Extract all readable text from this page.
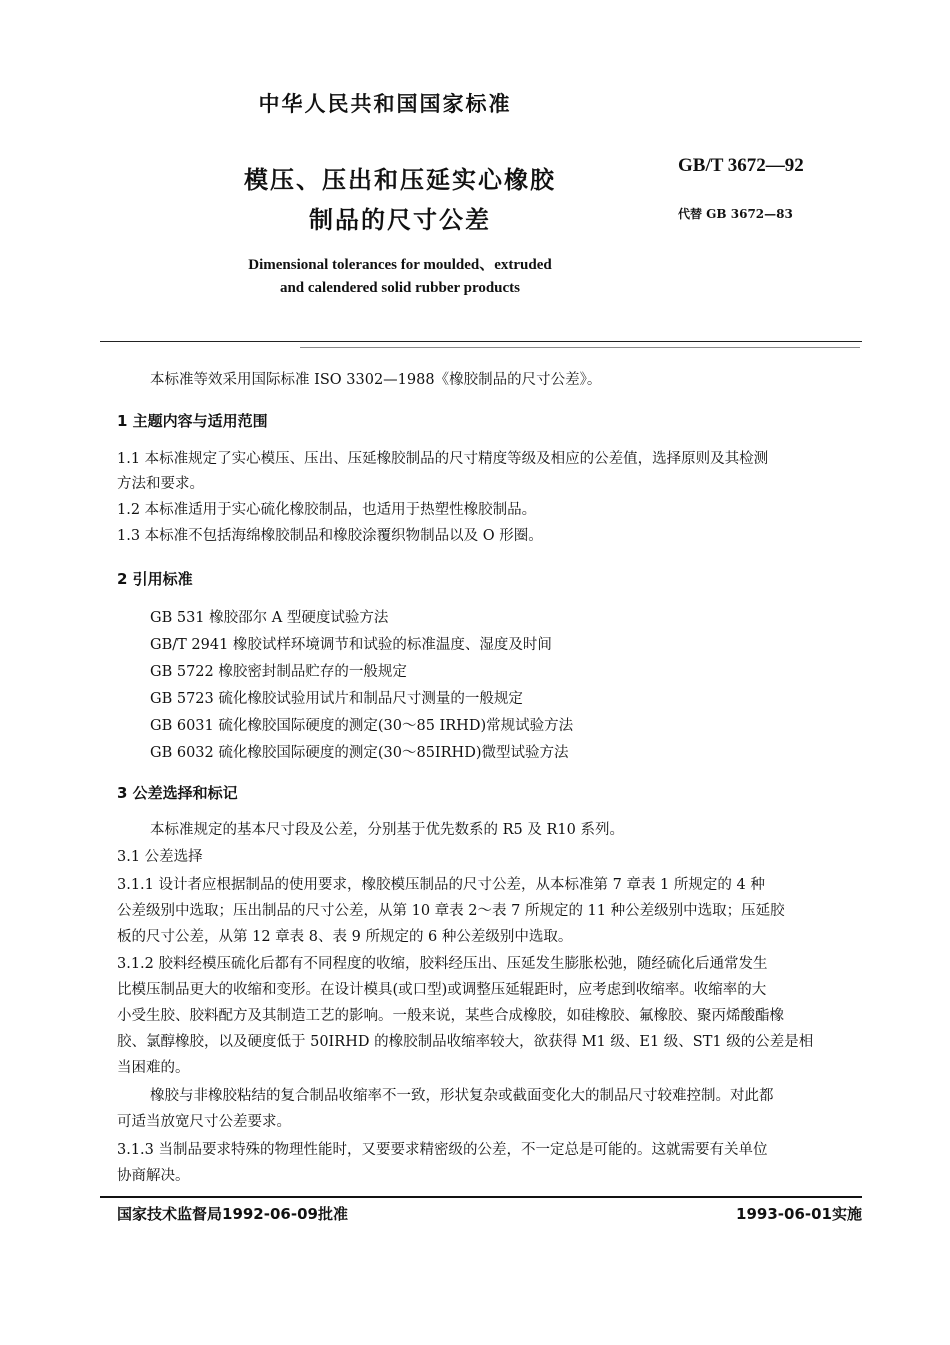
中华人民共和国国家标准
模压、压出和压延实心橡胶
制品的尺寸公差
GB/T 3672—92
代替 GB 3672—83
Dimensional tolerances for moulded、extruded
and calendered solid rubber products
本标准等效采用国际标准 ISO 3302—1988《橡胶制品的尺寸公差》。
1 主题内容与适用范围
1.1 本标准规定了实心模压、压出、压延橡胶制品的尺寸精度等级及相应的公差值，选择原则及其检测
方法和要求。
1.2 本标准适用于实心硫化橡胶制品，也适用于热塑性橡胶制品。
1.3 本标准不包括海绵橡胶制品和橡胶涂覆织物制品以及 O 形圈。
2 引用标准
GB 531 橡胶邵尔 A 型硬度试验方法
GB/T 2941 橡胶试样环境调节和试验的标准温度、湿度及时间
GB 5722 橡胶密封制品贮存的一般规定
GB 5723 硫化橡胶试验用试片和制品尺寸测量的一般规定
GB 6031 硫化橡胶国际硬度的测定(30～85 IRHD)常规试验方法
GB 6032 硫化橡胶国际硬度的测定(30～85IRHD)微型试验方法
3 公差选择和标记
本标准规定的基本尺寸段及公差，分别基于优先数系的 R5 及 R10 系列。
3.1 公差选择
3.1.1 设计者应根据制品的使用要求，橡胶模压制品的尺寸公差，从本标准第 7 章表 1 所规定的 4 种
公差级别中选取；压出制品的尺寸公差，从第 10 章表 2～表 7 所规定的 11 种公差级别中选取；压延胶
板的尺寸公差，从第 12 章表 8、表 9 所规定的 6 种公差级别中选取。
3.1.2 胶料经模压硫化后都有不同程度的收缩，胶料经压出、压延发生膨胀松弛，随经硫化后通常发生
比模压制品更大的收缩和变形。在设计模具(或口型)或调整压延辊距时，应考虑到收缩率。收缩率的大
小受生胶、胶料配方及其制造工艺的影响。一般来说，某些合成橡胶，如硅橡胶、氟橡胶、聚丙烯酸酯橡
胶、氯醇橡胶，以及硬度低于 50IRHD 的橡胶制品收缩率较大，欲获得 M1 级、E1 级、ST1 级的公差是相
当困难的。
橡胶与非橡胶粘结的复合制品收缩率不一致，形状复杂或截面变化大的制品尺寸较难控制。对此都
可适当放宽尺寸公差要求。
3.1.3 当制品要求特殊的物理性能时，又要要求精密级的公差，不一定总是可能的。这就需要有关单位
协商解决。
国家技术监督局1992-06-09批准	1993-06-01实施
